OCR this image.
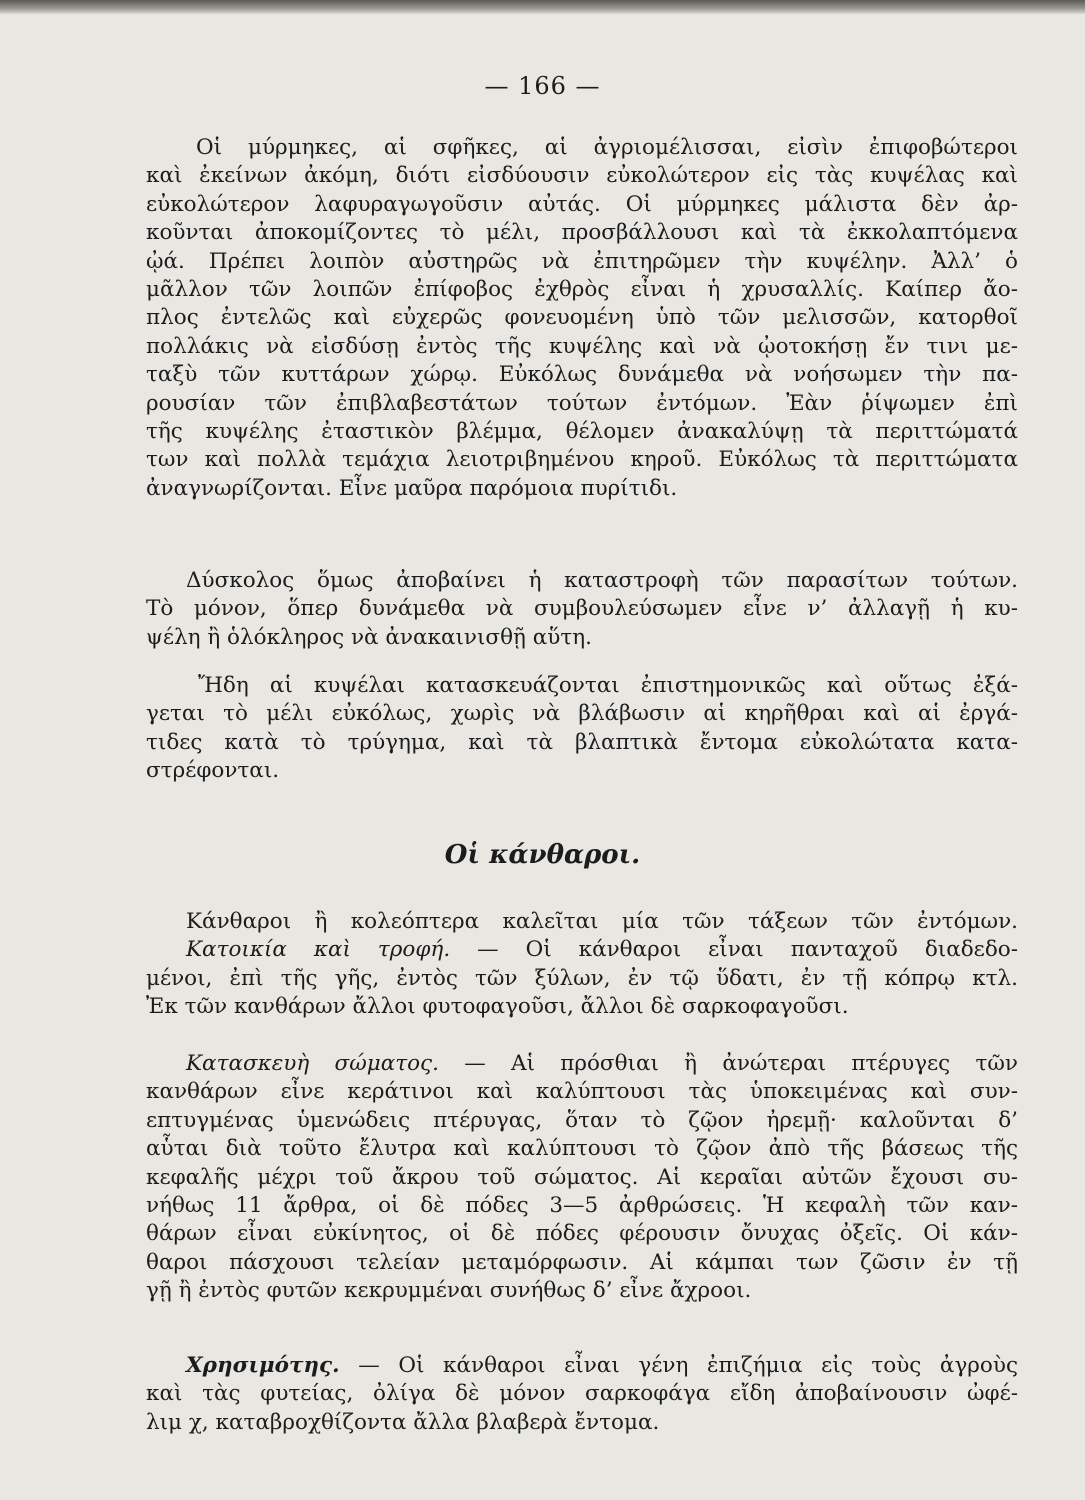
— 166 —
Οἱ μύρμηκες, αἱ σφῆκες, αἱ ἀγριομέλισσαι, εἰσὶν ἐπιφοβώτεροι
καὶ ἐκείνων ἀκόμη, διότι εἰσδύουσιν εὐκολώτερον εἰς τὰς κυψέλας καὶ
εὐκολώτερον λαφυραγωγοῦσιν αὐτάς. Οἱ μύρμηκες μάλιστα δὲν ἀρ-
κοῦνται ἀποκομίζοντες τὸ μέλι, προσβάλλουσι καὶ τὰ ἐκκολαπτόμενα
ᾠά. Πρέπει λοιπὸν αὐστηρῶς νὰ ἐπιτηρῶμεν τὴν κυψέλην. Ἀλλ’ ὁ
μᾶλλον τῶν λοιπῶν ἐπίφοβος ἐχθρὸς εἶναι ἡ χρυσαλλίς. Καίπερ ἄο-
πλος ἐντελῶς καὶ εὐχερῶς φονευομένη ὑπὸ τῶν μελισσῶν, κατορθοῖ
πολλάκις νὰ εἰσδύσῃ ἐντὸς τῆς κυψέλης καὶ νὰ ᾠοτοκήσῃ ἔν τινι με-
ταξὺ τῶν κυττάρων χώρῳ. Εὐκόλως δυνάμεθα νὰ νοήσωμεν τὴν πα-
ρουσίαν τῶν ἐπιβλαβεστάτων τούτων ἐντόμων. Ἐὰν ῥίψωμεν ἐπὶ
τῆς κυψέλης ἐταστικὸν βλέμμα, θέλομεν ἀνακαλύψῃ τὰ περιττώματά
των καὶ πολλὰ τεμάχια λειοτριβημένου κηροῦ. Εὐκόλως τὰ περιττώματα
ἀναγνωρίζονται. Εἶνε μαῦρα παρόμοια πυρίτιδι.
Δύσκολος ὅμως ἀποβαίνει ἡ καταστροφὴ τῶν παρασίτων τούτων.
Τὸ μόνον, ὅπερ δυνάμεθα νὰ συμβουλεύσωμεν εἶνε ν’ ἀλλαγῇ ἡ κυ-
ψέλη ἢ ὁλόκληρος νὰ ἀνακαινισθῇ αὕτη.
Ἤδη αἱ κυψέλαι κατασκευάζονται ἐπιστημονικῶς καὶ οὕτως ἐξά-
γεται τὸ μέλι εὐκόλως, χωρὶς νὰ βλάβωσιν αἱ κηρῆθραι καὶ αἱ ἐργά-
τιδες κατὰ τὸ τρύγημα, καὶ τὰ βλαπτικὰ ἔντομα εὐκολώτατα κατα-
στρέφονται.
Οἱ κάνθαροι.
Κάνθαροι ἢ κολεόπτερα καλεῖται μία τῶν τάξεων τῶν ἐντόμων.
Κατοικία καὶ τροφή. — Οἱ κάνθαροι εἶναι πανταχοῦ διαδεδο-
μένοι, ἐπὶ τῆς γῆς, ἐντὸς τῶν ξύλων, ἐν τῷ ὕδατι, ἐν τῇ κόπρῳ κτλ.
Ἐκ τῶν κανθάρων ἄλλοι φυτοφαγοῦσι, ἄλλοι δὲ σαρκοφαγοῦσι.
Κατασκευὴ σώματος. — Αἱ πρόσθιαι ἢ ἀνώτεραι πτέρυγες τῶν
κανθάρων εἶνε κεράτινοι καὶ καλύπτουσι τὰς ὑποκειμένας καὶ συν-
επτυγμένας ὑμενώδεις πτέρυγας, ὅταν τὸ ζῷον ἠρεμῇ· καλοῦνται δ’
αὗται διὰ τοῦτο ἔλυτρα καὶ καλύπτουσι τὸ ζῷον ἀπὸ τῆς βάσεως τῆς
κεφαλῆς μέχρι τοῦ ἄκρου τοῦ σώματος. Αἱ κεραῖαι αὐτῶν ἔχουσι συ-
νήθως 11 ἄρθρα, οἱ δὲ πόδες 3—5 ἀρθρώσεις. Ἡ κεφαλὴ τῶν καν-
θάρων εἶναι εὐκίνητος, οἱ δὲ πόδες φέρουσιν ὄνυχας ὀξεῖς. Οἱ κάν-
θαροι πάσχουσι τελείαν μεταμόρφωσιν. Αἱ κάμπαι των ζῶσιν ἐν τῇ
γῇ ἢ ἐντὸς φυτῶν κεκρυμμέναι συνήθως δ’ εἶνε ἄχροοι.
Χρησιμότης. — Οἱ κάνθαροι εἶναι γένη ἐπιζήμια εἰς τοὺς ἀγροὺς
καὶ τὰς φυτείας, ὀλίγα δὲ μόνον σαρκοφάγα εἴδη ἀποβαίνουσιν ὠφέ-
λιμ χ, καταβροχθίζοντα ἄλλα βλαβερὰ ἔντομα.
